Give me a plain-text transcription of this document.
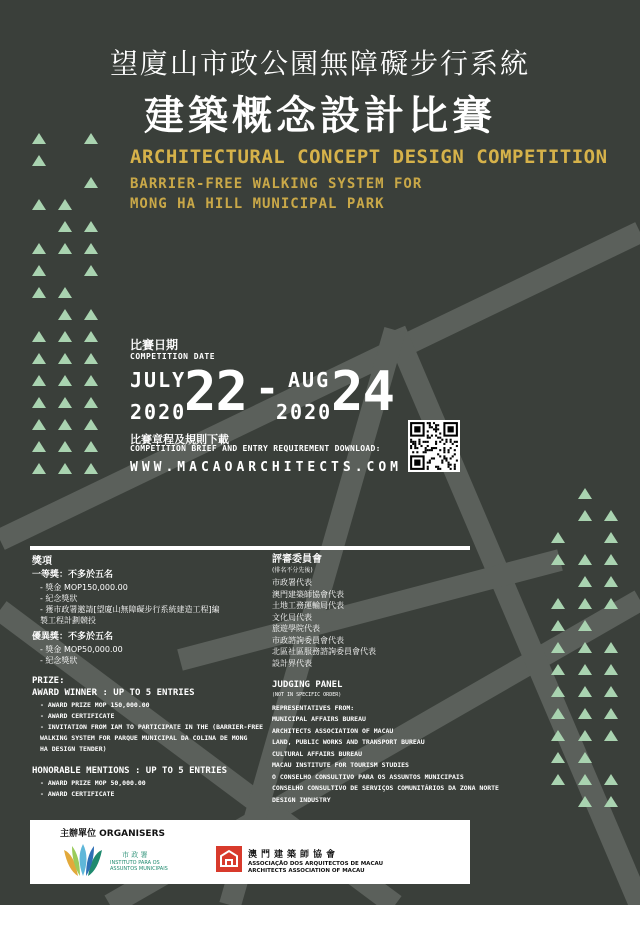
望廈山市政公園無障礙步行系統
建築概念設計比賽
ARCHITECTURAL CONCEPT DESIGN COMPETITION
BARRIER-FREE WALKING SYSTEM FOR
MONG HA HILL MUNICIPAL PARK
比賽日期
COMPETITION DATE
JULY
2020
22 - AUG
2020
24
比賽章程及規則下載
COMPETITION BRIEF AND ENTRY REQUIREMENT DOWNLOAD:
WWW.MACAOARCHITECTS.COM
獎項
一等獎：不多於五名
- 獎金 MOP150,000.00
- 紀念獎狀
- 獲市政署邀請[望廈山無障礙步行系統建造工程]編
製工程計劃競投
優異獎：不多於五名
- 獎金 MOP50,000.00
- 紀念獎狀
PRIZE:
AWARD WINNER : UP TO 5 ENTRIES
- AWARD PRIZE MOP 150,000.00
- AWARD CERTIFICATE
- INVITATION FROM IAM TO PARTICIPATE IN THE (BARRIER-FREE
WALKING SYSTEM FOR PARQUE MUNICIPAL DA COLINA DE MONG
HA DESIGN TENDER)
HONORABLE MENTIONS : UP TO 5 ENTRIES
- AWARD PRIZE MOP 50,000.00
- AWARD CERTIFICATE
評審委員會
(排名不分先後)
市政署代表
澳門建築師協會代表
土地工務運輸局代表
文化局代表
旅遊學院代表
市政諮詢委員會代表
北區社區服務諮詢委員會代表
設計界代表
JUDGING PANEL
(NOT IN SPECIFIC ORDER)
REPRESENTATIVES FROM:
MUNICIPAL AFFAIRS BUREAU
ARCHITECTS ASSOCIATION OF MACAU
LAND, PUBLIC WORKS AND TRANSPORT BUREAU
CULTURAL AFFAIRS BUREAU
MACAU INSTITUTE FOR TOURISM STUDIES
O CONSELHO CONSULTIVO PARA OS ASSUNTOS MUNICIPAIS
CONSELHO CONSULTIVO DE SERVIÇOS COMUNITÁRIOS DA ZONA NORTE
DESIGN INDUSTRY
主辦單位 ORGANISERS
市 政 署
INSTITUTO PARA OS
ASSUNTOS MUNICIPAIS
澳門建築師協會
ASSOCIAÇÃO DOS ARQUITECTOS DE MACAU
ARCHITECTS ASSOCIATION OF MACAU
